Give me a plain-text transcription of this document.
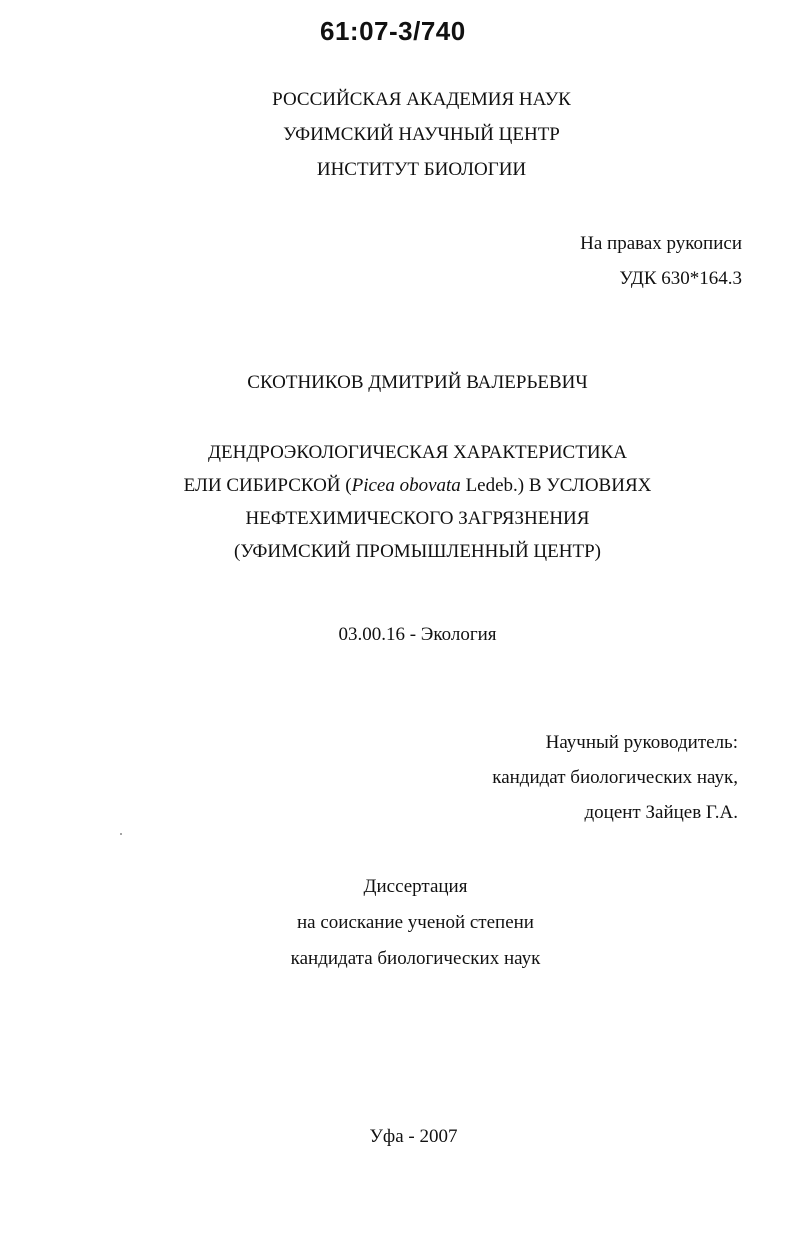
61:07-3/740
РОССИЙСКАЯ АКАДЕМИЯ НАУК
УФИМСКИЙ НАУЧНЫЙ ЦЕНТР
ИНСТИТУТ БИОЛОГИИ
На правах рукописи
УДК 630*164.3
СКОТНИКОВ ДМИТРИЙ ВАЛЕРЬЕВИЧ
ДЕНДРОЭКОЛОГИЧЕСКАЯ ХАРАКТЕРИСТИКА
ЕЛИ СИБИРСКОЙ (Picea obovata Ledeb.) В УСЛОВИЯХ
НЕФТЕХИМИЧЕСКОГО ЗАГРЯЗНЕНИЯ
(УФИМСКИЙ ПРОМЫШЛЕННЫЙ ЦЕНТР)
03.00.16 - Экология
Научный руководитель:
кандидат биологических наук,
доцент Зайцев Г.А.
Диссертация
на соискание ученой степени
кандидата биологических наук
Уфа - 2007
